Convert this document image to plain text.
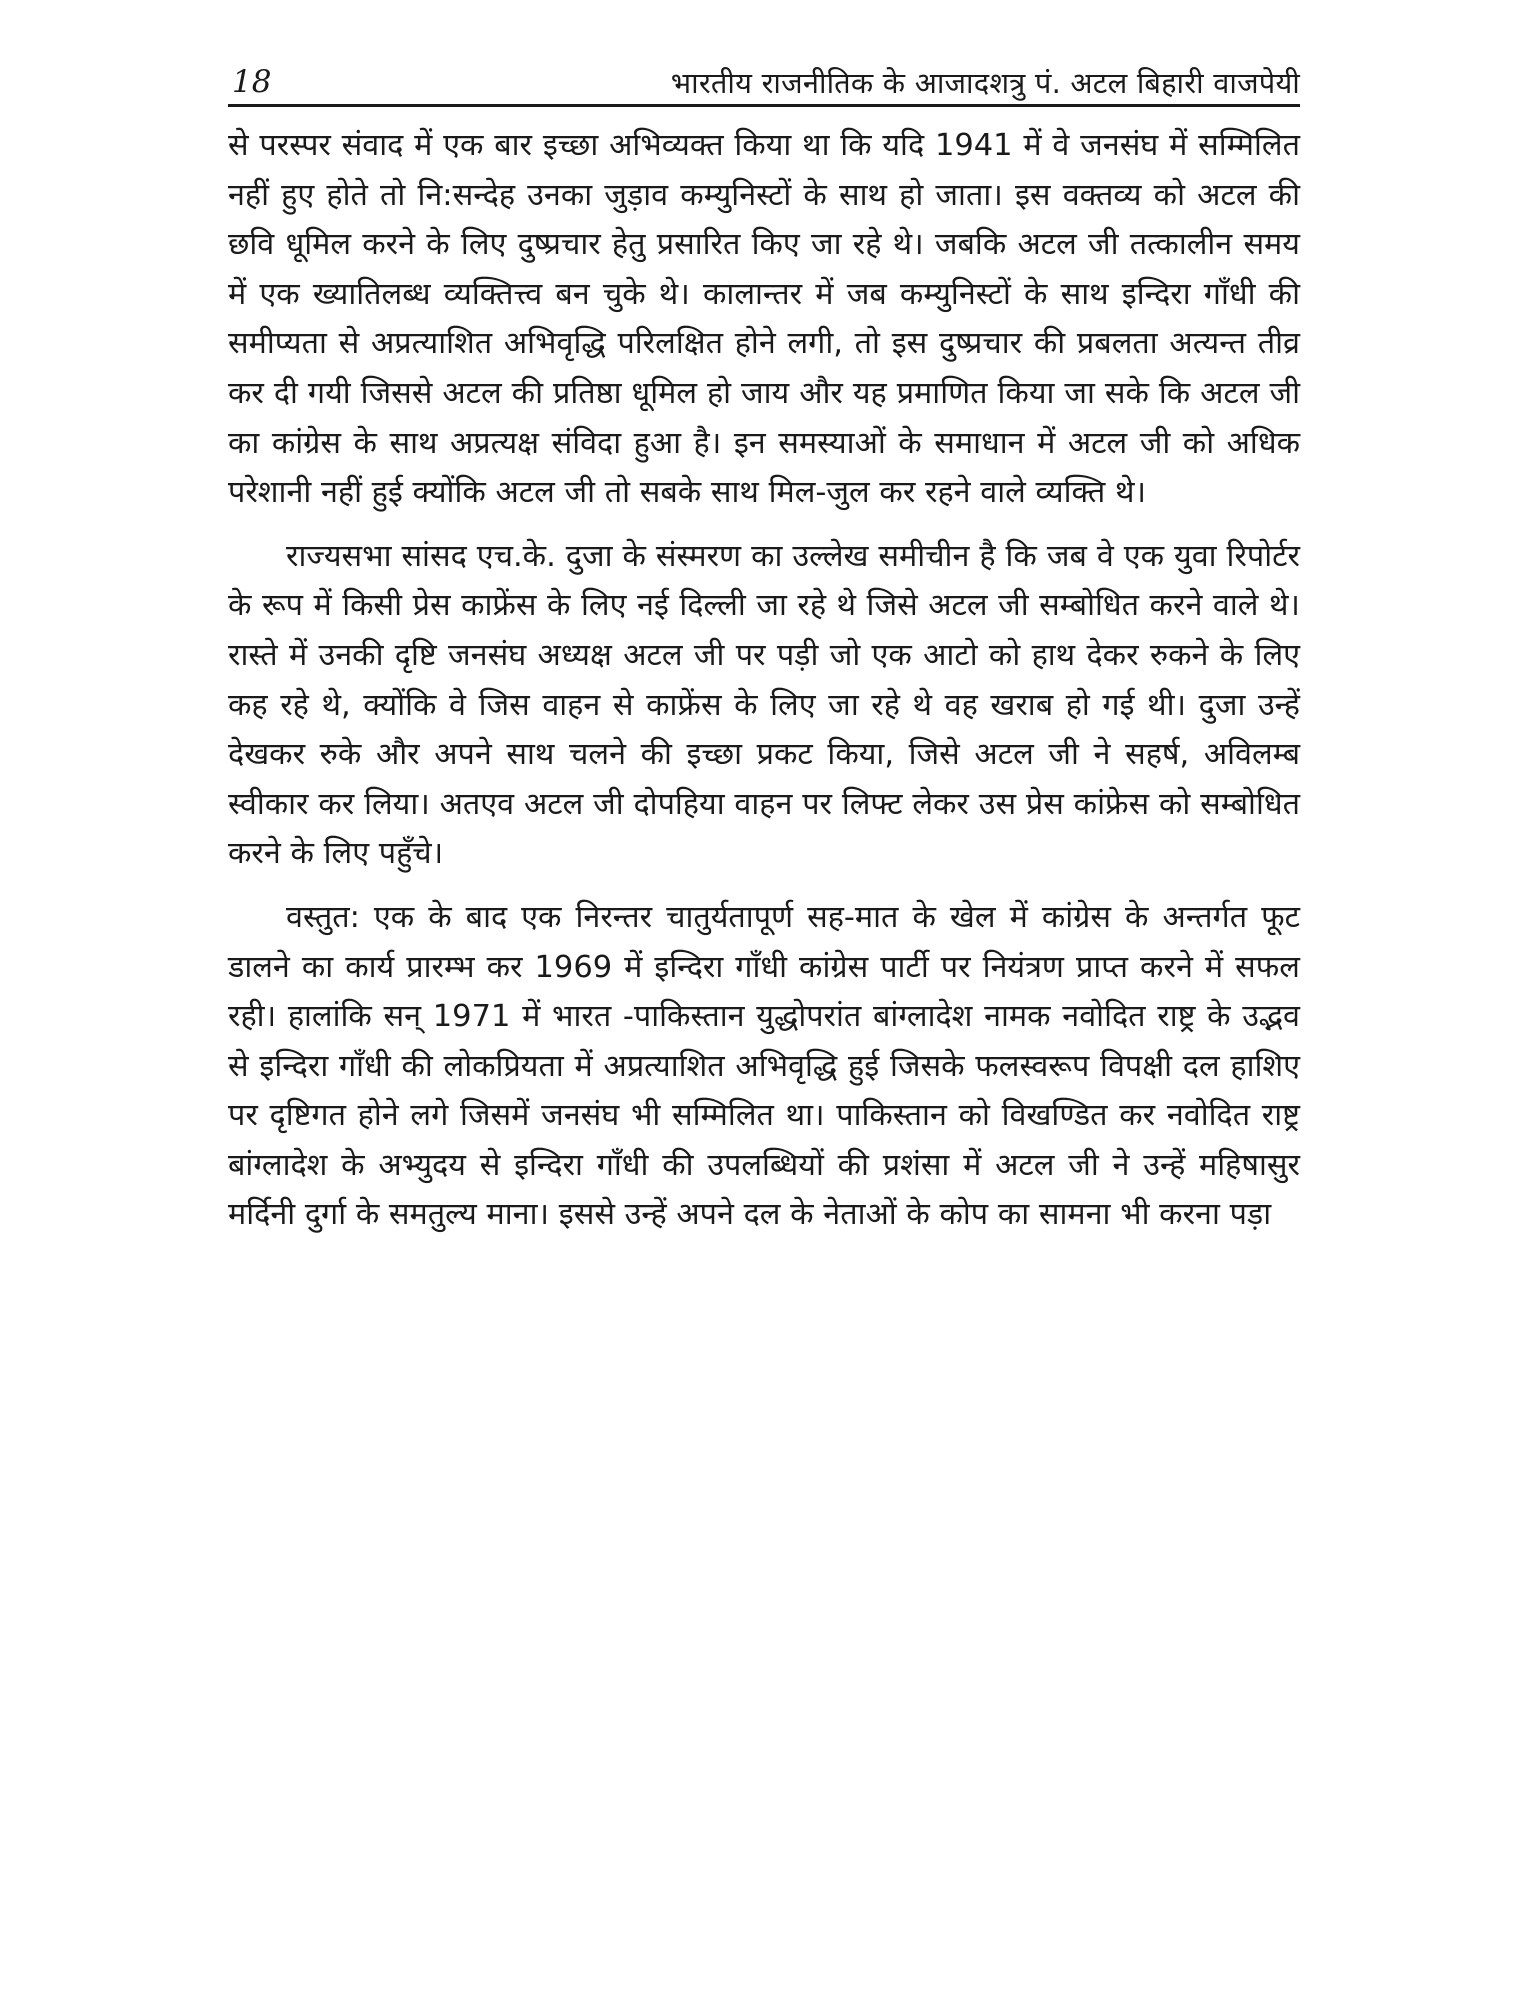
18	भारतीय राजनीतिक के आजादशत्रु पं. अटल बिहारी वाजपेयी

से परस्पर संवाद में एक बार इच्छा अभिव्यक्त किया था कि यदि 1941 में वे जनसंघ में सम्मिलित नहीं हुए होते तो नि:सन्देह उनका जुड़ाव कम्युनिस्टों के साथ हो जाता। इस वक्तव्य को अटल की छवि धूमिल करने के लिए दुष्प्रचार हेतु प्रसारित किए जा रहे थे। जबकि अटल जी तत्कालीन समय में एक ख्यातिलब्ध व्यक्तित्त्व बन चुके थे। कालान्तर में जब कम्युनिस्टों के साथ इन्दिरा गाँधी की समीप्यता से अप्रत्याशित अभिवृद्धि परिलक्षित होने लगी, तो इस दुष्प्रचार की प्रबलता अत्यन्त तीव्र कर दी गयी जिससे अटल की प्रतिष्ठा धूमिल हो जाय और यह प्रमाणित किया जा सके कि अटल जी का कांग्रेस के साथ अप्रत्यक्ष संविदा हुआ है। इन समस्याओं के समाधान में अटल जी को अधिक परेशानी नहीं हुई क्योंकि अटल जी तो सबके साथ मिल-जुल कर रहने वाले व्यक्ति थे।

राज्यसभा सांसद एच.के. दुजा के संस्मरण का उल्लेख समीचीन है कि जब वे एक युवा रिपोर्टर के रूप में किसी प्रेस काफ्रेंस के लिए नई दिल्ली जा रहे थे जिसे अटल जी सम्बोधित करने वाले थे। रास्ते में उनकी दृष्टि जनसंघ अध्यक्ष अटल जी पर पड़ी जो एक आटो को हाथ देकर रुकने के लिए कह रहे थे, क्योंकि वे जिस वाहन से काफ्रेंस के लिए जा रहे थे वह खराब हो गई थी। दुजा उन्हें देखकर रुके और अपने साथ चलने की इच्छा प्रकट किया, जिसे अटल जी ने सहर्ष, अविलम्ब स्वीकार कर लिया। अतएव अटल जी दोपहिया वाहन पर लिफ्ट लेकर उस प्रेस कांफ्रेस को सम्बोधित करने के लिए पहुँचे।

वस्तुत: एक के बाद एक निरन्तर चातुर्यतापूर्ण सह-मात के खेल में कांग्रेस के अन्तर्गत फूट डालने का कार्य प्रारम्भ कर 1969 में इन्दिरा गाँधी कांग्रेस पार्टी पर नियंत्रण प्राप्त करने में सफल रही। हालांकि सन् 1971 में भारत -पाकिस्तान युद्धोपरांत बांग्लादेश नामक नवोदित राष्ट्र के उद्भव से इन्दिरा गाँधी की लोकप्रियता में अप्रत्याशित अभिवृद्धि हुई जिसके फलस्वरूप विपक्षी दल हाशिए पर दृष्टिगत होने लगे जिसमें जनसंघ भी सम्मिलित था। पाकिस्तान को विखण्डित कर नवोदित राष्ट्र बांग्लादेश के अभ्युदय से इन्दिरा गाँधी की उपलब्धियों की प्रशंसा में अटल जी ने उन्हें महिषासुर मर्दिनी दुर्गा के समतुल्य माना। इससे उन्हें अपने दल के नेताओं के कोप का सामना भी करना पड़ा
